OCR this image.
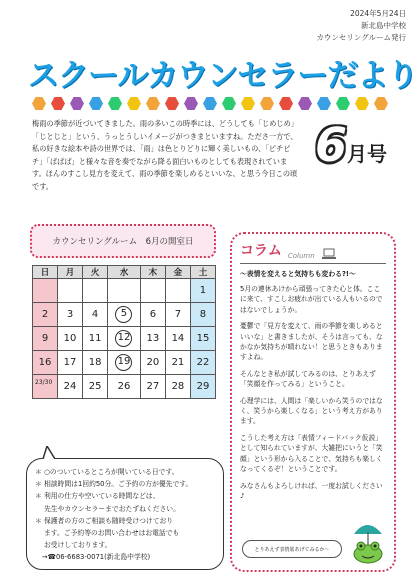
2024年5月24日
新北島中学校
カウンセリングルーム発行
スクールカウンセラーだより
梅雨の季節が近づいてきました。雨の多いこの時季には、どうしても「じめじめ」「じとじと」という、うっとうしいイメージがつきまといますね。たださ一方で、私の好きな絵本や詩の世界では、「雨」は色とりどりに輝く美しいもの、「ピチピチ」「ぱぱぱ」と様々な音を奏でながら降る面白いものとしても表現されています。ほんのすこし見方を変えて、雨の季節を楽しめるといいな、と思う今日この頃です。
6月号
カウンセリングルーム　6月の開室日
日	月	火	水	木	金	土
						1
2	3	4	5	6	7	8
9	10	11	12	13	14	15
16	17	18	19	20	21	22

23/30	24	25	26	27	28	29
＊ ○のついているところが開いている日です。
＊ 相談時間は1回約50分。ご予約の方が優先です。
＊ 利用の仕方や空いている時間などは、
　 先生やカウンセラーまでおたずねください。
＊ 保護者の方のご相談も随時受けつけており
　 ます。ご予約等のお問い合わせはお電話でも
　 お受けしております。
　→☎06-6683-0071(新北島中学校)
コラム Column
〜表情を変えると気持ちも変わる?!〜

5月の連休あけから頑張ってきた心と体。ここに来て、すこしお疲れが出ている人もいるのではないでしょうか。

憂鬱で「見方を変えて、雨の季節を楽しめるといいな」と書きましたが、そうは言っても、なかなか気持ちが晴れない！と思うときもありますよね。

そんなとき私が試してみるのは、とりあえず「笑顔を作ってみる」ということ。

心理学には、人間は「楽しいから笑うのではなく、笑うから楽しくなる」という考え方があります。

こうした考え方は「表情フィードバック仮説」として知られていますが、大雑把にいうと「笑顔」という形から入ることで、気持ちも楽しくなってくるぞ！ということです。

みなさんもよろしければ、一度お試しください♪

とりあえず表情筋あげてみるか〜
